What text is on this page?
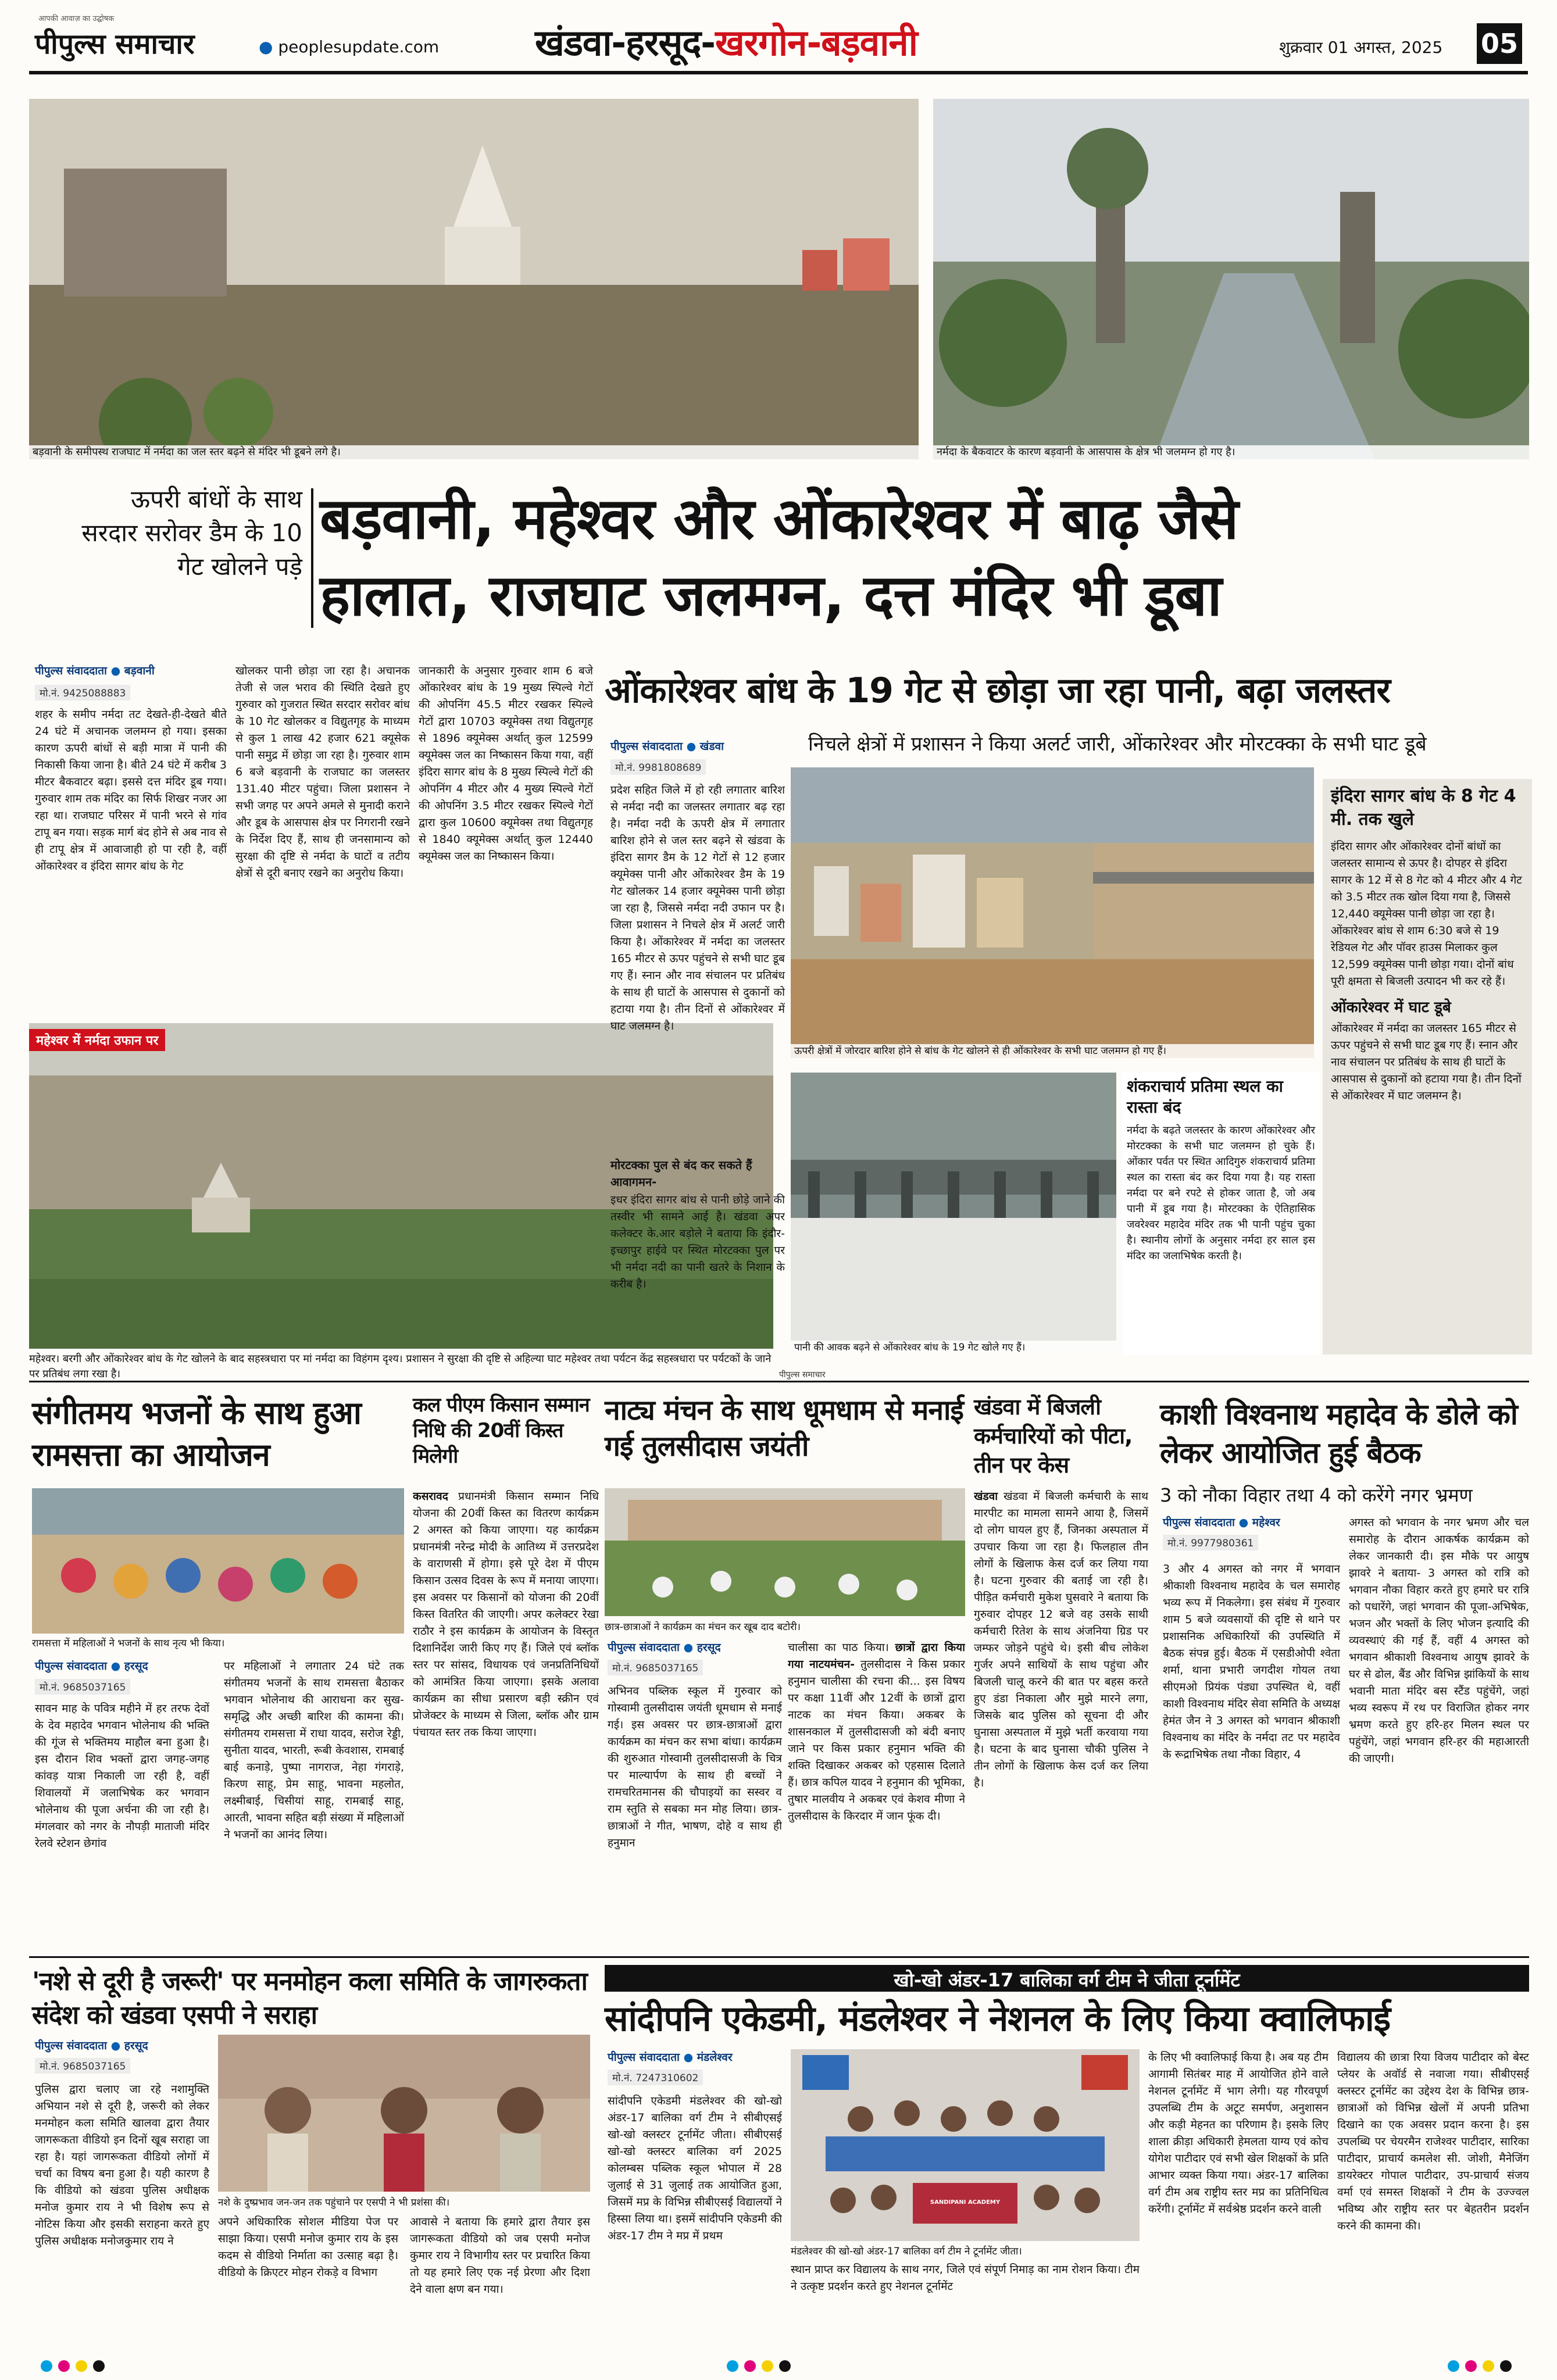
पीपुल्स समाचार
आपकी आवाज़ का उद्घोषक
● peoplesupdate.com	खंडवा-हरसूद-खरगोन-बड़वानी	शुक्रवार 01 अगस्त, 2025 05
बड़वानी के समीपस्थ राजघाट में नर्मदा का जल स्तर बढ़ने से मंदिर भी डूबने लगे है।	नर्मदा के बैकवाटर के कारण बड़वानी के आसपास के क्षेत्र भी जलमग्न हो गए है।
ऊपरी बांधों के साथ सरदार सरोवर डैम के 10 गेट खोलने पड़े
बड़वानी, महेश्वर और ओंकारेश्वर में बाढ़ जैसे
हालात, राजघाट जलमग्न, दत्त मंदिर भी डूबा
पीपुल्स संवाददाता ● बड़वानी
मो.नं. 9425088883
शहर के समीप नर्मदा तट देखते-ही-देखते बीते 24 घंटे में अचानक जलमग्न हो गया। इसका कारण ऊपरी बांधों से बड़ी मात्रा में पानी की निकासी किया जाना है। बीते 24 घंटे में करीब 3 मीटर बैकवाटर बढ़ा। इससे दत्त मंदिर डूब गया। गुरुवार शाम तक मंदिर का सिर्फ शिखर नजर आ रहा था। राजघाट परिसर में पानी भरने से गांव टापू बन गया। सड़क मार्ग बंद होने से अब नाव से ही टापू क्षेत्र में आवाजाही हो पा रही है, वहीं ओंकारेश्वर व इंदिरा सागर बांध के गेट
खोलकर पानी छोड़ा जा रहा है। अचानक तेजी से जल भराव की स्थिति देखते हुए गुरुवार को गुजरात स्थित सरदार सरोवर बांध के 10 गेट खोलकर व विद्युतगृह के माध्यम से कुल 1 लाख 42 हजार 621 क्यूसेक पानी समुद्र में छोड़ा जा रहा है। गुरुवार शाम 6 बजे बड़वानी के राजघाट का जलस्तर 131.40 मीटर पहुंचा। जिला प्रशासन ने सभी जगह पर अपने अमले से मुनादी कराने और डूब के आसपास क्षेत्र पर निगरानी रखने के निर्देश दिए हैं, साथ ही जनसामान्य को सुरक्षा की दृष्टि से नर्मदा के घाटों व तटीय क्षेत्रों से दूरी बनाए रखने का अनुरोध किया।
जानकारी के अनुसार गुरुवार शाम 6 बजे ओंकारेश्वर बांध के 19 मुख्य स्पिल्वे गेटों की ओपनिंग 45.5 मीटर रखकर स्पिल्वे गेटों द्वारा 10703 क्यूमेक्स तथा विद्युतगृह से 1896 क्यूमेक्स अर्थात् कुल 12599 क्यूमेक्स जल का निष्कासन किया गया, वहीं इंदिरा सागर बांध के 8 मुख्य स्पिल्वे गेटों की ओपनिंग 4 मीटर और 4 मुख्य स्पिल्वे गेटों की ओपनिंग 3.5 मीटर रखकर स्पिल्वे गेटों द्वारा कुल 10600 क्यूमेक्स तथा विद्युतगृह से 1840 क्यूमेक्स अर्थात् कुल 12440 क्यूमेक्स जल का निष्कासन किया।
महेश्वर में नर्मदा उफान पर
महेश्वर। बरगी और ओंकारेश्वर बांध के गेट खोलने के बाद सहस्त्रधारा पर मां नर्मदा का विहंगम दृश्य। प्रशासन ने सुरक्षा की दृष्टि से अहिल्या घाट महेश्वर तथा पर्यटन केंद्र सहस्त्रधारा पर पर्यटकों के जाने पर प्रतिबंध लगा रखा है।	पीपुल्स समाचार
ओंकारेश्वर बांध के 19 गेट से छोड़ा जा रहा पानी, बढ़ा जलस्तर
निचले क्षेत्रों में प्रशासन ने किया अलर्ट जारी, ओंकारेश्वर और मोरटक्का के सभी घाट डूबे
पीपुल्स संवाददाता ● खंडवा
मो.नं. 9981808689
प्रदेश सहित जिले में हो रही लगातार बारिश से नर्मदा नदी का जलस्तर लगातार बढ़ रहा है। नर्मदा नदी के ऊपरी क्षेत्र में लगातार बारिश होने से जल स्तर बढ़ने से खंडवा के इंदिरा सागर डैम के 12 गेटों से 12 हजार क्यूमेक्स पानी और ओंकारेश्वर डैम के 19 गेट खोलकर 14 हजार क्यूमेक्स पानी छोड़ा जा रहा है, जिससे नर्मदा नदी उफान पर है। जिला प्रशासन ने निचले क्षेत्र में अलर्ट जारी किया है। ओंकारेश्वर में नर्मदा का जलस्तर 165 मीटर से ऊपर पहुंचने से सभी घाट डूब गए हैं। स्नान और नाव संचालन पर प्रतिबंध के साथ ही घाटों के आसपास से दुकानों को हटाया गया है। तीन दिनों से ओंकारेश्वर में घाट जलमग्न है।
मोरटक्का पुल से बंद कर सकते हैं आवागमन-
इधर इंदिरा सागर बांध से पानी छोड़े जाने की तस्वीर भी सामने आई है। खंडवा अपर कलेक्टर के.आर बड़ोले ने बताया कि इंदौर-इच्छापुर हाईवे पर स्थित मोरटक्का पुल पर भी नर्मदा नदी का पानी खतरे के निशान के करीब है।
ऊपरी क्षेत्रों में जोरदार बारिश होने से बांध के गेट खोलने से ही ओंकारेश्वर के सभी घाट जलमग्न हो गए हैं।
पानी की आवक बढ़ने से ओंकारेश्वर बांध के 19 गेट खोले गए हैं।
शंकराचार्य प्रतिमा स्थल का रास्ता बंद
नर्मदा के बढ़ते जलस्तर के कारण ओंकारेश्वर और मोरटक्का के सभी घाट जलमग्न हो चुके हैं। ओंकार पर्वत पर स्थित आदिगुरु शंकराचार्य प्रतिमा स्थल का रास्ता बंद कर दिया गया है। यह रास्ता नर्मदा पर बने रपटे से होकर जाता है, जो अब पानी में डूब गया है। मोरटक्का के ऐतिहासिक जवरेश्वर महादेव मंदिर तक भी पानी पहुंच चुका है। स्थानीय लोगों के अनुसार नर्मदा हर साल इस मंदिर का जलाभिषेक करती है।
इंदिरा सागर बांध के 8 गेट 4 मी. तक खुले
इंदिरा सागर और ओंकारेश्वर दोनों बांधों का जलस्तर सामान्य से ऊपर है। दोपहर से इंदिरा सागर के 12 में से 8 गेट को 4 मीटर और 4 गेट को 3.5 मीटर तक खोल दिया गया है, जिससे 12,440 क्यूमेक्स पानी छोड़ा जा रहा है। ओंकारेश्वर बांध से शाम 6:30 बजे से 19 रेडियल गेट और पॉवर हाउस मिलाकर कुल 12,599 क्यूमेक्स पानी छोड़ा गया। दोनों बांध पूरी क्षमता से बिजली उत्पादन भी कर रहे हैं।
ओंकारेश्वर में घाट डूबे
ओंकारेश्वर में नर्मदा का जलस्तर 165 मीटर से ऊपर पहुंचने से सभी घाट डूब गए हैं। स्नान और नाव संचालन पर प्रतिबंध के साथ ही घाटों के आसपास से दुकानों को हटाया गया है। तीन दिनों से ओंकारेश्वर में घाट जलमग्न है।
संगीतमय भजनों के साथ हुआ रामसत्ता का आयोजन
रामसत्ता में महिलाओं ने भजनों के साथ नृत्य भी किया।
पीपुल्स संवाददाता ● हरसूद
मो.नं. 9685037165
सावन माह के पवित्र महीने में हर तरफ देवों के देव महादेव भगवान भोलेनाथ की भक्ति की गूंज से भक्तिमय माहौल बना हुआ है। इस दौरान शिव भक्तों द्वारा जगह-जगह कांवड़ यात्रा निकाली जा रही है, वहीं शिवालयों में जलाभिषेक कर भगवान भोलेनाथ की पूजा अर्चना की जा रही है। मंगलवार को नगर के नौपड़ी माताजी मंदिर रेलवे स्टेशन छेगांव
पर महिलाओं ने लगातार 24 घंटे तक संगीतमय भजनों के साथ रामसत्ता बैठाकर भगवान भोलेनाथ की आराधना कर सुख-समृद्धि और अच्छी बारिश की कामना की। संगीतमय रामसत्ता में राधा यादव, सरोज रेड्डी, सुनीता यादव, भारती, रूबी केवशास, रामबाई बाई कनाड़े, पुष्पा नागराज, नेहा गंगराड़े, किरण साहू, प्रेम साहू, भावना महलोत, लक्ष्मीबाई, चिसीयां साहू, रामबाई साहू, आरती, भावना सहित बड़ी संख्या में महिलाओं ने भजनों का आनंद लिया।
कल पीएम किसान सम्मान निधि की 20वीं किस्त मिलेगी
कसरावद प्रधानमंत्री किसान सम्मान निधि योजना की 20वीं किस्त का वितरण कार्यक्रम 2 अगस्त को किया जाएगा। यह कार्यक्रम प्रधानमंत्री नरेन्द्र मोदी के आतिथ्य में उत्तरप्रदेश के वाराणसी में होगा। इसे पूरे देश में पीएम किसान उत्सव दिवस के रूप में मनाया जाएगा। इस अवसर पर किसानों को योजना की 20वीं किस्त वितरित की जाएगी। अपर कलेक्टर रेखा राठौर ने इस कार्यक्रम के आयोजन के विस्तृत दिशानिर्देश जारी किए गए हैं। जिले एवं ब्लॉक स्तर पर सांसद, विधायक एवं जनप्रतिनिधियों को आमंत्रित किया जाएगा। इसके अलावा कार्यक्रम का सीधा प्रसारण बड़ी स्क्रीन एवं प्रोजेक्टर के माध्यम से जिला, ब्लॉक और ग्राम पंचायत स्तर तक किया जाएगा।
नाट्य मंचन के साथ धूमधाम से मनाई गई तुलसीदास जयंती
छात्र-छात्राओं ने कार्यक्रम का मंचन कर खूब दाद बटोरी।
पीपुल्स संवाददाता ● हरसूद
मो.नं. 9685037165
अभिनव पब्लिक स्कूल में गुरुवार को गोस्वामी तुलसीदास जयंती धूमधाम से मनाई गई। इस अवसर पर छात्र-छात्राओं द्वारा कार्यक्रम का मंचन कर सभा बांधा। कार्यक्रम की शुरुआत गोस्वामी तुलसीदासजी के चित्र पर माल्यार्पण के साथ ही बच्चों ने रामचरितमानस की चौपाइयों का सस्वर व राम स्तुति से सबका मन मोह लिया। छात्र-छात्राओं ने गीत, भाषण, दोहे व साथ ही हनुमान
चालीसा का पाठ किया। छात्रों द्वारा किया गया नाटयमंचन- तुलसीदास ने किस प्रकार हनुमान चालीसा की रचना की... इस विषय पर कक्षा 11वीं और 12वीं के छात्रों द्वारा नाटक का मंचन किया। अकबर के शासनकाल में तुलसीदासजी को बंदी बनाए जाने पर किस प्रकार हनुमान भक्ति की शक्ति दिखाकर अकबर को एहसास दिलाते हैं। छात्र कपिल यादव ने हनुमान की भूमिका, तुषार मालवीय ने अकबर एवं केशव मीणा ने तुलसीदास के किरदार में जान फूंक दी।
खंडवा में बिजली कर्मचारियों को पीटा, तीन पर केस
खंडवा खंडवा में बिजली कर्मचारी के साथ मारपीट का मामला सामने आया है, जिसमें दो लोग घायल हुए हैं, जिनका अस्पताल में उपचार किया जा रहा है। फिलहाल तीन लोगों के खिलाफ केस दर्ज कर लिया गया है। घटना गुरुवार की बताई जा रही है। पीड़ित कर्मचारी मुकेश घुसवारे ने बताया कि गुरुवार दोपहर 12 बजे वह उसके साथी कर्मचारी रितेश के साथ अंजनिया ग्रिड पर जम्फर जोड़ने पहुंचे थे। इसी बीच लोकेश गुर्जर अपने साथियों के साथ पहुंचा और बिजली चालू करने की बात पर बहस करते हुए डंडा निकाला और मुझे मारने लगा, जिसके बाद पुलिस को सूचना दी और घुनासा अस्पताल में मुझे भर्ती करवाया गया है। घटना के बाद घुनासा चौकी पुलिस ने तीन लोगों के खिलाफ केस दर्ज कर लिया है।
काशी विश्वनाथ महादेव के डोले को लेकर आयोजित हुई बैठक
3 को नौका विहार तथा 4 को करेंगे नगर भ्रमण
पीपुल्स संवाददाता ● महेश्वर
मो.नं. 9977980361
3 और 4 अगस्त को नगर में भगवान श्रीकाशी विश्वनाथ महादेव के चल समारोह भव्य रूप में निकलेगा। इस संबंध में गुरुवार शाम 5 बजे व्यवसायों की दृष्टि से थाने पर प्रशासनिक अधिकारियों की उपस्थिति में बैठक संपन्न हुई। बैठक में एसडीओपी श्वेता शर्मा, थाना प्रभारी जगदीश गोयल तथा सीएमओ प्रियंक पंड्या उपस्थित थे, वहीं काशी विश्वनाथ मंदिर सेवा समिति के अध्यक्ष हेमंत जैन ने 3 अगस्त को भगवान श्रीकाशी विश्वनाथ का मंदिर के नर्मदा तट पर महादेव के रूद्राभिषेक तथा नौका विहार, 4
अगस्त को भगवान के नगर भ्रमण और चल समारोह के दौरान आकर्षक कार्यक्रम को लेकर जानकारी दी। इस मौके पर आयुष झावरे ने बताया- 3 अगस्त को रात्रि को भगवान नौका विहार करते हुए हमारे घर रात्रि को पधारेंगे, जहां भगवान की पूजा-अभिषेक, भजन और भक्तों के लिए भोजन इत्यादि की व्यवस्थाएं की गई हैं, वहीं 4 अगस्त को भगवान श्रीकाशी विश्वनाथ आयुष झावरे के घर से ढोल, बैंड और विभिन्न झांकियों के साथ भवानी माता मंदिर बस स्टैंड पहुंचेंगे, जहां भव्य स्वरूप में रथ पर विराजित होकर नगर भ्रमण करते हुए हरि-हर मिलन स्थल पर पहुंचेंगे, जहां भगवान हरि-हर की महाआरती की जाएगी।
'नशे से दूरी है जरूरी' पर मनमोहन कला समिति के जागरुकता संदेश को खंडवा एसपी ने सराहा
पीपुल्स संवाददाता ● हरसूद
मो.नं. 9685037165
पुलिस द्वारा चलाए जा रहे नशामुक्ति अभियान नशे से दूरी है, जरूरी को लेकर मनमोहन कला समिति खालवा द्वारा तैयार जागरूकता वीडियो इन दिनों खूब सराहा जा रहा है। यहां जागरूकता वीडियो लोगों में चर्चा का विषय बना हुआ है। यही कारण है कि वीडियो को खंडवा पुलिस अधीक्षक मनोज कुमार राय ने भी विशेष रूप से नोटिस किया और इसकी सराहना करते हुए पुलिस अधीक्षक मनोजकुमार राय ने
नशे के दुष्प्रभाव जन-जन तक पहुंचाने पर एसपी ने भी प्रशंसा की।
अपने अधिकारिक सोशल मीडिया पेज पर साझा किया। एसपी मनोज कुमार राय के इस कदम से वीडियो निर्माता का उत्साह बढ़ा है। वीडियो के क्रिएटर मोहन रोकड़े व विभाग
आवासे ने बताया कि हमारे द्वारा तैयार इस जागरूकता वीडियो को जब एसपी मनोज कुमार राय ने विभागीय स्तर पर प्रचारित किया तो यह हमारे लिए एक नई प्रेरणा और दिशा देने वाला क्षण बन गया।
खो-खो अंडर-17 बालिका वर्ग टीम ने जीता टूर्नामेंट
सांदीपनि एकेडमी, मंडलेश्वर ने नेशनल के लिए किया क्वालिफाई
पीपुल्स संवाददाता ● मंडलेश्वर
मो.नं. 7247310602
सांदीपनि एकेडमी मंडलेश्वर की खो-खो अंडर-17 बालिका वर्ग टीम ने सीबीएसई खो-खो क्लस्टर टूर्नामेंट जीता। सीबीएसई खो-खो क्लस्टर बालिका वर्ग 2025 कोलम्बस पब्लिक स्कूल भोपाल में 28 जुलाई से 31 जुलाई तक आयोजित हुआ, जिसमें मप्र के विभिन्न सीबीएसई विद्यालयों ने हिस्सा लिया था। इसमें सांदीपनि एकेडमी की अंडर-17 टीम ने मप्र में प्रथम
SANDIPANI ACADEMY
मंडलेश्वर की खो-खो अंडर-17 बालिका वर्ग टीम ने टूर्नामेंट जीता।
स्थान प्राप्त कर विद्यालय के साथ नगर, जिले एवं संपूर्ण निमाड़ का नाम रोशन किया। टीम ने उत्कृष्ट प्रदर्शन करते हुए नेशनल टूर्नामेंट
के लिए भी क्वालिफाई किया है। अब यह टीम आगामी सितंबर माह में आयोजित होने वाले नेशनल टूर्नामेंट में भाग लेगी। यह गौरवपूर्ण उपलब्धि टीम के अटूट समर्पण, अनुशासन और कड़ी मेहनत का परिणाम है। इसके लिए शाला क्रीड़ा अधिकारी हेमलता याग्य एवं कोच योगेश पाटीदार एवं सभी खेल शिक्षकों के प्रति आभार व्यक्त किया गया। अंडर-17 बालिका वर्ग टीम अब राष्ट्रीय स्तर मप्र का प्रतिनिधित्व करेंगी। टूर्नामेंट में सर्वश्रेष्ठ प्रदर्शन करने वाली
विद्यालय की छात्रा रिया विजय पाटीदार को बेस्ट प्लेयर के अवॉर्ड से नवाजा गया। सीबीएसई क्लस्टर टूर्नामेंट का उद्देश्य देश के विभिन्न छात्र-छात्राओं को विभिन्न खेलों में अपनी प्रतिभा दिखाने का एक अवसर प्रदान करना है। इस उपलब्धि पर चेयरमैन राजेश्वर पाटीदार, सारिका पाटीदार, प्राचार्य कमलेश सी. जोशी, मैनेजिंग डायरेक्टर गोपाल पाटीदार, उप-प्राचार्य संजय वर्मा एवं समस्त शिक्षकों ने टीम के उज्ज्वल भविष्य और राष्ट्रीय स्तर पर बेहतरीन प्रदर्शन करने की कामना की।
